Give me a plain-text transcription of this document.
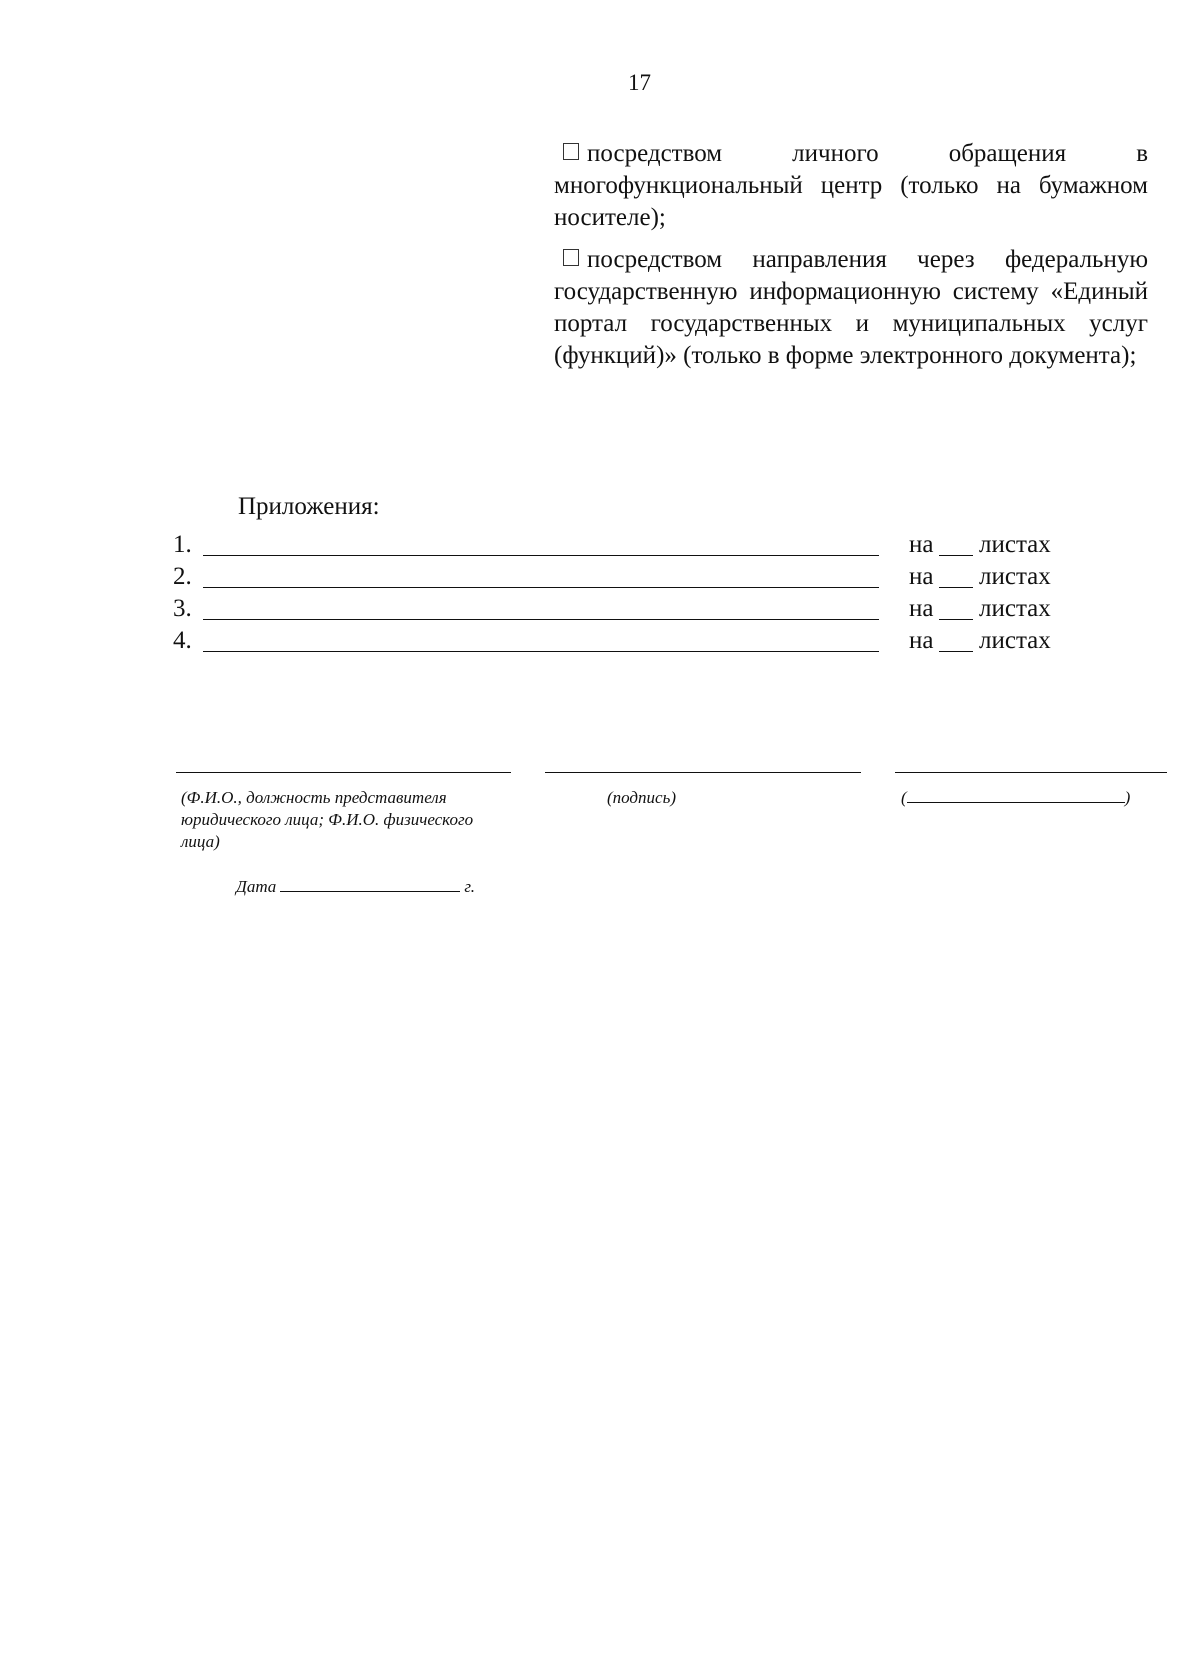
17
посредством личного обращения в многофункциональный центр (только на бумажном носителе);
посредством направления через федеральную государственную информационную систему «Единый портал государственных и муниципальных услуг (функций)» (только в форме электронного документа);
Приложения:
1.	на листах
2.	на листах
3.	на листах
4.	на листах
(Ф.И.О., должность представителя юридического лица; Ф.И.О. физического лица)
(подпись)	(	)
Дата	г.
